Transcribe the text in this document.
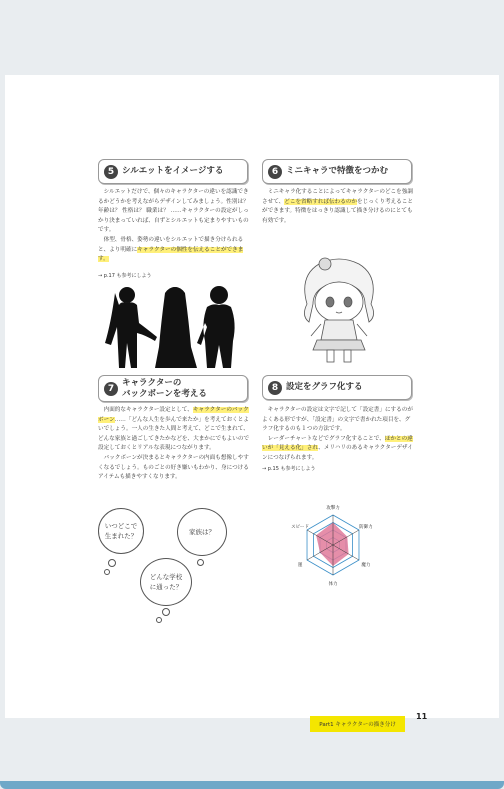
5 シルエットをイメージする

シルエットだけで、個々のキャラクターの違いを認識できるかどうかを考えながらデザインしてみましょう。性別は？ 年齢は？ 性格は？ 職業は？ ……キャラクターの設定がしっかり決まっていれば、自ずとシルエットも定まりやすいものです。

体型、骨格、姿勢の違いをシルエットで描き分けられると、より明確にキャラクターの個性を伝えることができます。

→ p.17 も参考にしよう
6 ミニキャラで特徴をつかむ

ミニキャラ化することによってキャラクターのどこを強調させて、どこを省略すれば伝わるのかをじっくり考えることができます。特徴をはっきり認識して描き分けるのにとても有効です。

7
キャラクターの
バックボーンを考える

内面的なキャラクター設定として、キャラクターのバックボーン……「どんな人生を歩んで来たか」を考えておくとよいでしょう。一人の生きた人間と考えて、どこで生まれて、どんな家族と過ごしてきたかなどを、大まかにでもよいので設定しておくとリアルな表現につながります。

バックボーンが決まるとキャラクターの内面も想像しやすくなるでしょう。ものごとの好き嫌いもわかり、身につけるアイテムも描きやすくなります。

いつどこで生まれた？	家族は？
どんな学校に通った？
8 設定をグラフ化する

キャラクターの設定は文字で記して「設定書」にするのがよくある形ですが、「設定書」の文字で書かれた項目を、グラフ化するのも１つの方法です。

レーダーチャートなどでグラフ化することで、ほかとの違いが「見える化」され、メリハリのあるキャラクターデザインにつなげられます。

→ p.15 も参考にしよう
攻撃力
防御力
魔力
体力
運
スピード
Part1 キャラクターの描き分け
11
